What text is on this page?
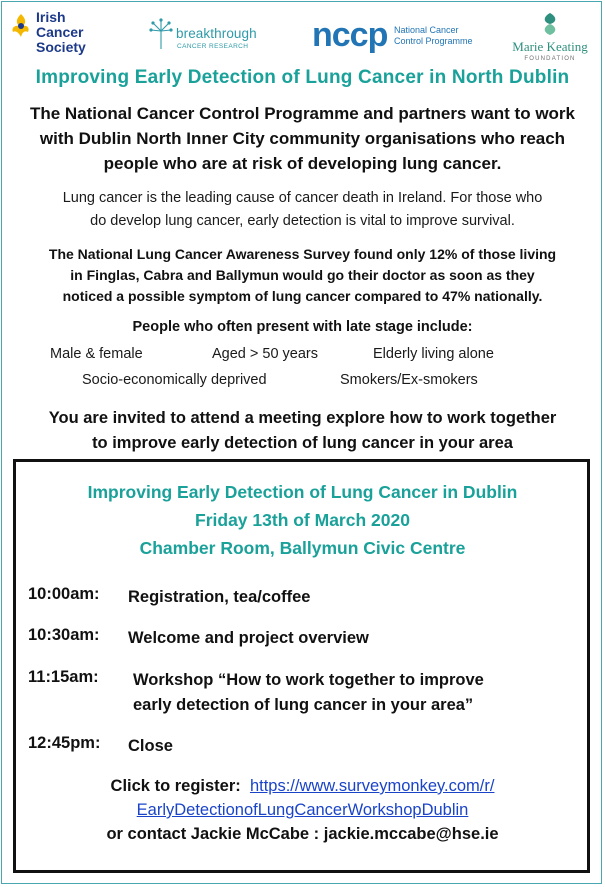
Irish
Cancer
Society
breakthrough
CANCER RESEARCH nccp National Cancer
Control Programme	Marie Keating
FOUNDATION
Improving Early Detection of Lung Cancer in North Dublin
The National Cancer Control Programme and partners want to work
with Dublin North Inner City community organisations who reach
people who are at risk of developing lung cancer.
Lung cancer is the leading cause of cancer death in Ireland. For those who
do develop lung cancer, early detection is vital to improve survival.
The National Lung Cancer Awareness Survey found only 12% of those living
in Finglas, Cabra and Ballymun would go their doctor as soon as they
noticed a possible symptom of lung cancer compared to 47% nationally.
People who often present with late stage include:
Male & female	Aged > 50 years	Elderly living alone
Socio-economically deprived	Smokers/Ex-smokers
You are invited to attend a meeting explore how to work together
to improve early detection of lung cancer in your area
Improving Early Detection of Lung Cancer in Dublin
Friday 13th of March 2020
Chamber Room, Ballymun Civic Centre
10:00am: Registration, tea/coffee
10:30am: Welcome and project overview
11:15am: Workshop “How to work together to improve
early detection of lung cancer in your area”
12:45pm: Close
Click to register: https://www.surveymonkey.com/r/
EarlyDetectionofLungCancerWorkshopDublin
or contact Jackie McCabe : jackie.mccabe@hse.ie
